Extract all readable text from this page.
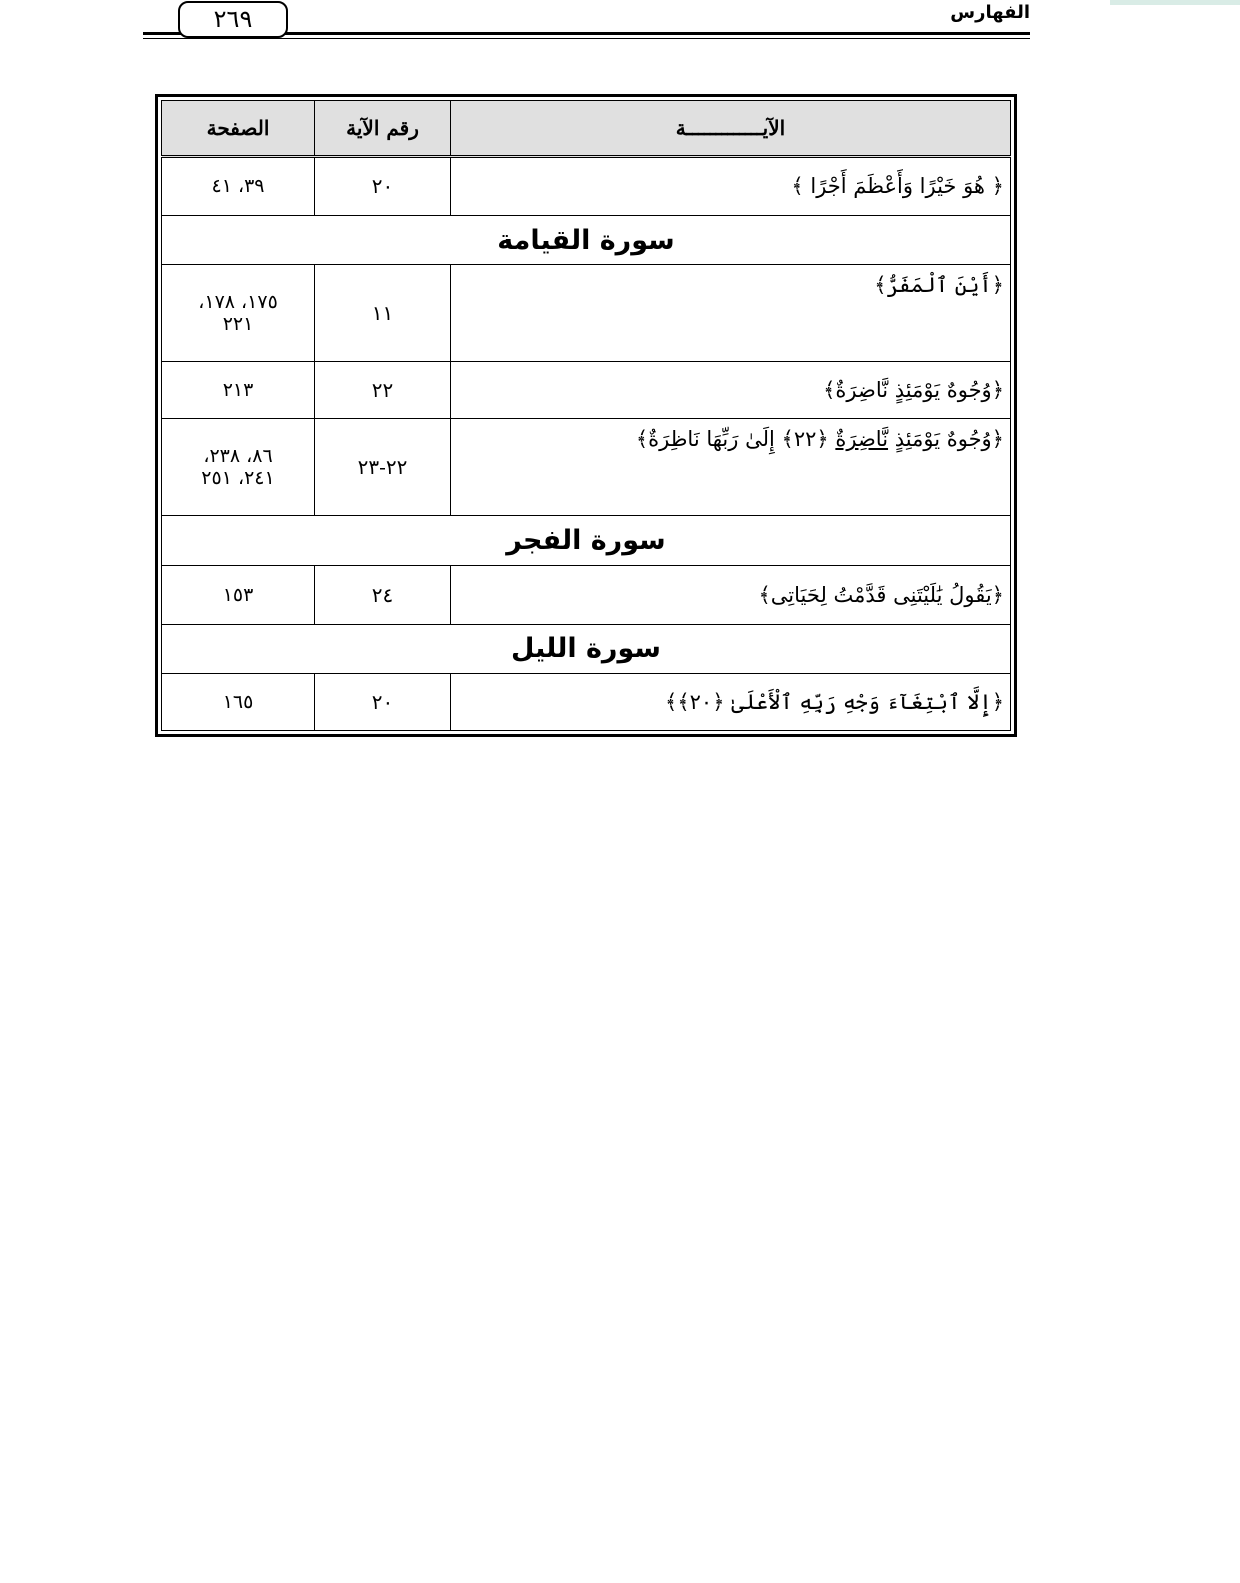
الفهارس
٢٦٩
الآيـــــــــــــة	رقم الآية	الصفحة
﴿ هُوَ خَيْرًا وَأَعْظَمَ أَجْرًا ﴾	٢٠	٣٩، ٤١
سورة القيامة		
﴿أَيْنَ ٱلْمَفَرُّ﴾	١١	١٧٥، ١٧٨،
٢٢١

﴿وُجُوهٌ يَوْمَئِذٍ نَّاضِرَةٌ﴾	٢٢	٢١٣
﴿وُجُوهٌ يَوْمَئِذٍ نَّاضِرَةٌ ﴿٢٢﴾ إِلَىٰ رَبِّهَا نَاظِرَةٌ﴾	٢٢-٢٣	٨٦، ٢٣٨،
٢٤١، ٢٥١

سورة الفجر		
﴿يَقُولُ يَٰلَيْتَنِى قَدَّمْتُ لِحَيَاتِى﴾	٢٤	١٥٣
سورة الليل		
﴿إِلَّا ٱبْتِغَآءَ وَجْهِ رَبِّهِ ٱلْأَعْلَىٰ ﴿٢٠﴾﴾	٢٠	١٦٥
